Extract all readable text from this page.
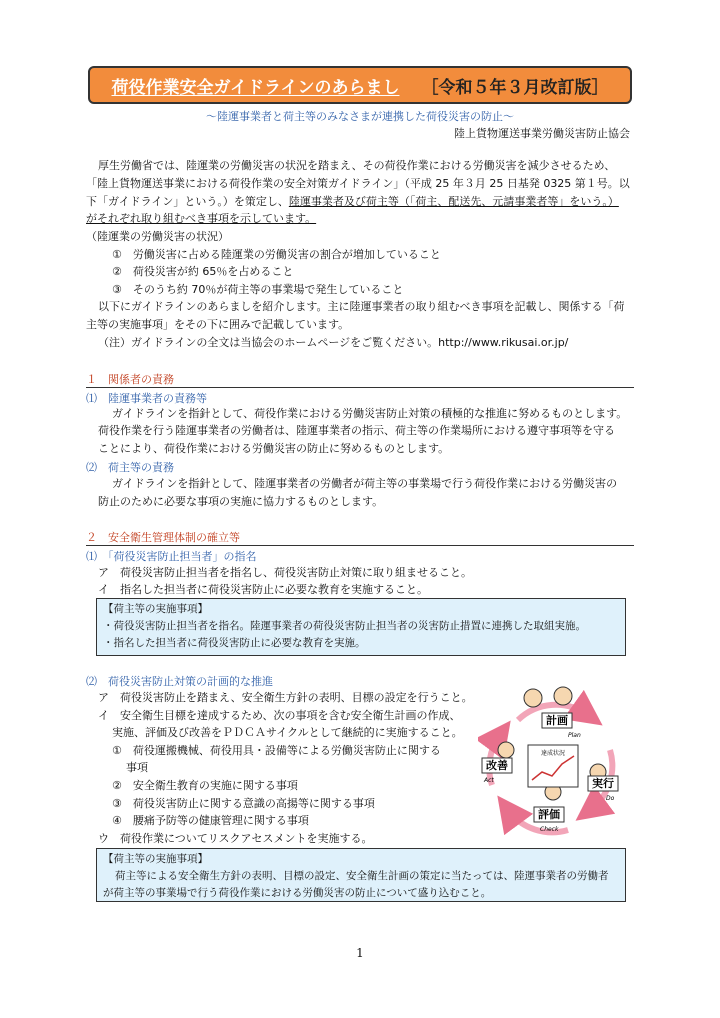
荷役作業安全ガイドラインのあらまし ［令和５年３月改訂版］
～陸運事業者と荷主等のみなさまが連携した荷役災害の防止～
陸上貨物運送事業労働災害防止協会
厚生労働省では、陸運業の労働災害の状況を踏まえ、その荷役作業における労働災害を減少させるため、
「陸上貨物運送事業における荷役作業の安全対策ガイドライン」（平成 25 年３月 25 日基発 0325 第１号。以
下「ガイドライン」という。）を策定し、陸運事業者及び荷主等（「荷主、配送先、元請事業者等」をいう。）
がそれぞれ取り組むべき事項を示しています。
（陸運業の労働災害の状況）
①　労働災害に占める陸運業の労働災害の割合が増加していること
②　荷役災害が約 65％を占めること
③　そのうち約 70％が荷主等の事業場で発生していること
以下にガイドラインのあらましを紹介します。主に陸運事業者の取り組むべき事項を記載し、関係する「荷
主等の実施事項」をその下に囲みで記載しています。
（注）ガイドラインの全文は当協会のホームページをご覧ください。http://www.rikusai.or.jp/
１　関係者の責務
⑴　陸運事業者の責務等
ガイドラインを指針として、荷役作業における労働災害防止対策の積極的な推進に努めるものとします。
荷役作業を行う陸運事業者の労働者は、陸運事業者の指示、荷主等の作業場所における遵守事項等を守る
ことにより、荷役作業における労働災害の防止に努めるものとします。
⑵　荷主等の責務
ガイドラインを指針として、陸運事業者の労働者が荷主等の事業場で行う荷役作業における労働災害の
防止のために必要な事項の実施に協力するものとします。
２　安全衛生管理体制の確立等
⑴　「荷役災害防止担当者」の指名
ア　荷役災害防止担当者を指名し、荷役災害防止対策に取り組ませること。
イ　指名した担当者に荷役災害防止に必要な教育を実施すること。
【荷主等の実施事項】
・荷役災害防止担当者を指名。陸運事業者の荷役災害防止担当者の災害防止措置に連携した取組実施。
・指名した担当者に荷役災害防止に必要な教育を実施。
⑵　荷役災害防止対策の計画的な推進
ア　荷役災害防止を踏まえ、安全衛生方針の表明、目標の設定を行うこと。
イ　安全衛生目標を達成するため、次の事項を含む安全衛生計画の作成、
実施、評価及び改善をＰＤＣＡサイクルとして継続的に実施すること。
①　荷役運搬機械、荷役用具・設備等による労働災害防止に関する
事項
②　安全衛生教育の実施に関する事項
③　荷役災害防止に関する意識の高揚等に関する事項
④　腰痛予防等の健康管理に関する事項
ウ　荷役作業についてリスクアセスメントを実施する。
【荷主等の実施事項】
荷主等による安全衛生方針の表明、目標の設定、安全衛生計画の策定に当たっては、陸運事業者の労働者
が荷主等の事業場で行う荷役作業における労働災害の防止について盛り込むこと。
達成状況
計画
Plan
実行
Do
評価
Check
改善
Act
1
